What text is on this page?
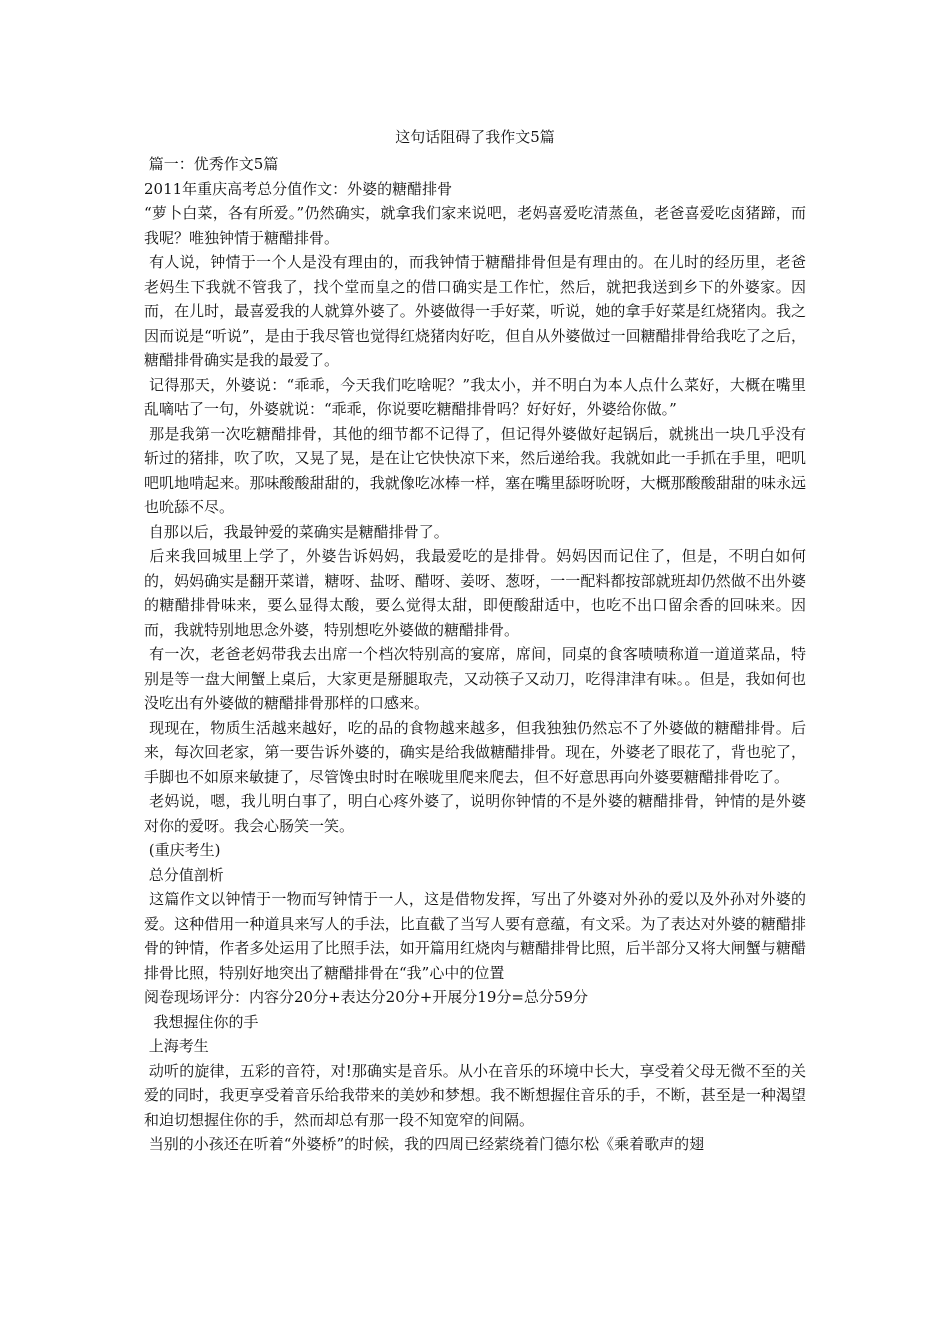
这句话阻碍了我作文5篇

篇一：优秀作文5篇

2011年重庆高考总分值作文：外婆的糖醋排骨

“萝卜白菜，各有所爱。”仍然确实，就拿我们家来说吧，老妈喜爱吃清蒸鱼，老爸喜爱吃卤猪蹄，而我呢？唯独钟情于糖醋排骨。

有人说，钟情于一个人是没有理由的，而我钟情于糖醋排骨但是有理由的。在儿时的经历里，老爸老妈生下我就不管我了，找个堂而皇之的借口确实是工作忙，然后，就把我送到乡下的外婆家。因而，在儿时，最喜爱我的人就算外婆了。外婆做得一手好菜，听说，她的拿手好菜是红烧猪肉。我之因而说是“听说”，是由于我尽管也觉得红烧猪肉好吃，但自从外婆做过一回糖醋排骨给我吃了之后，糖醋排骨确实是我的最爱了。

记得那天，外婆说：“乖乖，今天我们吃啥呢？”我太小，并不明白为本人点什么菜好，大概在嘴里乱嘀咕了一句，外婆就说：“乖乖，你说要吃糖醋排骨吗？好好好，外婆给你做。”

那是我第一次吃糖醋排骨，其他的细节都不记得了，但记得外婆做好起锅后，就挑出一块几乎没有斩过的猪排，吹了吹，又晃了晃，是在让它快快凉下来，然后递给我。我就如此一手抓在手里，吧叽吧叽地啃起来。那味酸酸甜甜的，我就像吃冰棒一样，塞在嘴里舔呀吮呀，大概那酸酸甜甜的味永远也吮舔不尽。

自那以后，我最钟爱的菜确实是糖醋排骨了。

后来我回城里上学了，外婆告诉妈妈，我最爱吃的是排骨。妈妈因而记住了，但是，不明白如何的，妈妈确实是翻开菜谱，糖呀、盐呀、醋呀、姜呀、葱呀，一一配料都按部就班却仍然做不出外婆的糖醋排骨味来，要么显得太酸，要么觉得太甜，即便酸甜适中，也吃不出口留余香的回味来。因而，我就特别地思念外婆，特别想吃外婆做的糖醋排骨。

有一次，老爸老妈带我去出席一个档次特别高的宴席，席间，同桌的食客啧啧称道一道道菜品，特别是等一盘大闸蟹上桌后，大家更是掰腿取壳，又动筷子又动刀，吃得津津有味。。但是，我如何也没吃出有外婆做的糖醋排骨那样的口感来。

现现在，物质生活越来越好，吃的品的食物越来越多，但我独独仍然忘不了外婆做的糖醋排骨。后来，每次回老家，第一要告诉外婆的，确实是给我做糖醋排骨。现在，外婆老了眼花了，背也驼了，手脚也不如原来敏捷了，尽管馋虫时时在喉咙里爬来爬去，但不好意思再向外婆要糖醋排骨吃了。

老妈说，嗯，我儿明白事了，明白心疼外婆了，说明你钟情的不是外婆的糖醋排骨，钟情的是外婆对你的爱呀。我会心肠笑一笑。

(重庆考生)

总分值剖析

这篇作文以钟情于一物而写钟情于一人，这是借物发挥，写出了外婆对外孙的爱以及外孙对外婆的爱。这种借用一种道具来写人的手法，比直截了当写人要有意蕴，有文采。为了表达对外婆的糖醋排骨的钟情，作者多处运用了比照手法，如开篇用红烧肉与糖醋排骨比照，后半部分又将大闸蟹与糖醋排骨比照，特别好地突出了糖醋排骨在“我”心中的位置

阅卷现场评分：内容分20分+表达分20分+开展分19分=总分59分

我想握住你的手

上海考生

动听的旋律，五彩的音符，对!那确实是音乐。从小在音乐的环境中长大，享受着父母无微不至的关爱的同时，我更享受着音乐给我带来的美妙和梦想。我不断想握住音乐的手，不断，甚至是一种渴望和迫切想握住你的手，然而却总有那一段不知宽窄的间隔。

当别的小孩还在听着“外婆桥”的时候，我的四周已经萦绕着门德尔松《乘着歌声的翅
